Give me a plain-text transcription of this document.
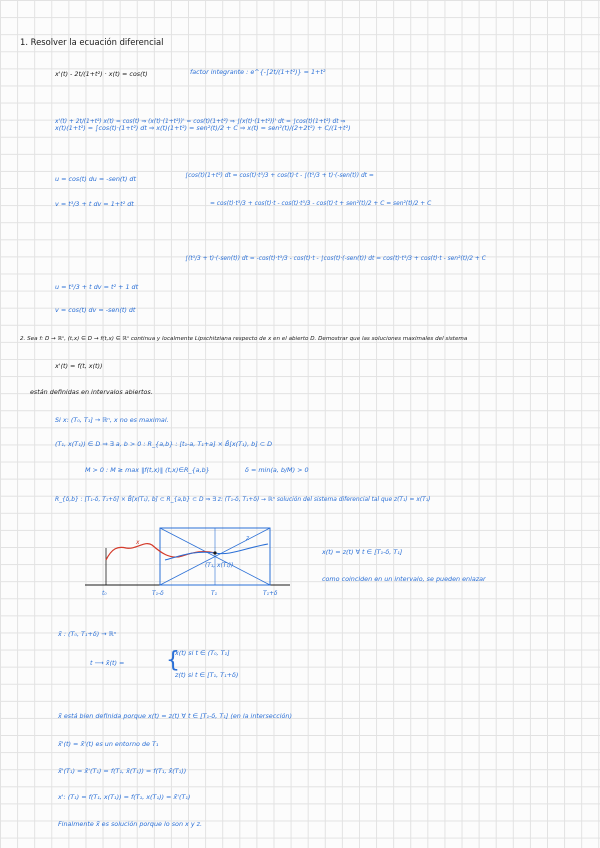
1. Resolver la ecuación diferencial
x'(t) - 2t/(1+t²) · x(t) = cos(t)	factor integrante : e^{-∫2t/(1+t²)} = 1+t²
x'(t) + 2t/(1+t²) x(t) = cos(t) ⇒ (x(t)·(1+t²))' = cos(t)(1+t²) ⇒ ∫(x(t)·(1+t²))' dt = ∫cos(t)(1+t²) dt ⇒
x(t)(1+t²) = ∫cos(t)·(1+t²) dt ⇒ x(t)(1+t²) = sen²(t)/2 + C ⇒ x(t) = sen²(t)/(2+2t²) + C/(1+t²)
u = cos(t) du = -sen(t) dt
v = t³/3 + t dv = 1+t² dt
∫cos(t)(1+t²) dt = cos(t)·t³/3 + cos(t)·t - ∫(t³/3 + t)·(-sen(t)) dt =
= cos(t)·t³/3 + cos(t)·t - cos(t)·t³/3 - cos(t)·t + sen²(t)/2 + C = sen²(t)/2 + C
∫(t³/3 + t)·(-sen(t)) dt = -cos(t)·t³/3 - cos(t)·t - ∫cos(t)·(-sen(t)) dt = cos(t)·t³/3 + cos(t)·t - sen²(t)/2 + C
u = t³/3 + t dv = t² + 1 dt
v = cos(t) dv = -sen(t) dt
2. Sea f: D → ℝⁿ, (t,x) ∈ D → f(t,x) ∈ ℝⁿ continua y localmente Lipschitziana respecto de x en el abierto D. Demostrar que las soluciones maximales del sistema
x'(t) = f(t, x(t))
están definidas en intervalos abiertos.
Si x: (T₀, T₁] → ℝⁿ, x no es maximal.
(T₁, x(T₁)) ∈ D ⇒ ∃ a, b > 0 : R_{a,b} : [t₁-a, T₁+a] × B̄[x(T₁), b] ⊂ D
M > 0 : M ≥ max ‖f(t,x)‖ (t,x)∈R_{a,b}	δ = min(a, b/M) > 0
R_{δ,b} : [T₁-δ, T₁+δ] × B̄[x(T₁), b] ⊂ R_{a,b} ⊂ D ⇒ ∃ z: (T₁-δ, T₁+δ) → ℝⁿ solución del sistema diferencial tal que z(T₁) = x(T₁)
t₀	T₁-δ	T₁	T₁+δ
x
z
(T₁, x(T₁))
x(t) = z(t) ∀ t ∈ [T₁-δ, T₁]
como coinciden en un intervalo, se pueden enlazar
x̃ : (T₀, T₁+δ) → ℝⁿ
t ⟶ x̃(t) = {
x(t) si t ∈ (T₀, T₁]
z(t) si t ∈ [T₁, T₁+δ)
x̃ está bien definida porque x(t) = z(t) ∀ t ∈ [T₁-δ, T₁] (en la intersección)
x̃'(t) = x̃'(t) es un entorno de T₁
x̃'(T₁) = x̃'(T₁) = f(T₁, x̃(T₁)) = f(T₁, x̃(T₁))
x': (T₁) = f(T₁, x(T₁)) = f(T₁, x(T₁)) = x̃'(T₁)
Finalmente x̃ es solución porque lo son x y z.
